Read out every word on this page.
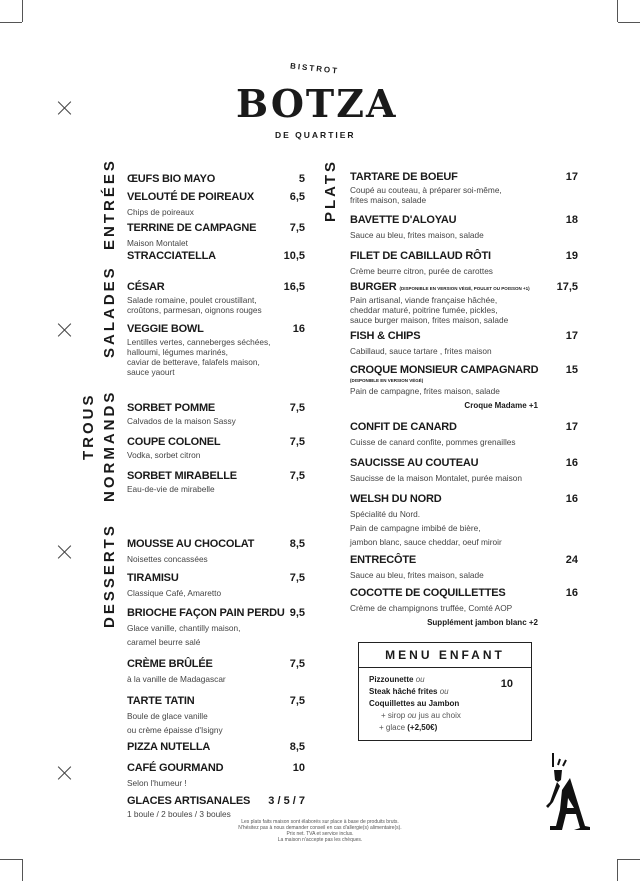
BISTROT
BOTZA
DE QUARTIER
ENTRÉES
SALADES
TROUS NORMANDS
DESSERTS
PLATS
ŒUFS BIO MAYO	5
VELOUTÉ DE POIREAUX	6,5
Chips de poireaux
TERRINE DE CAMPAGNE	7,5
Maison Montalet
STRACCIATELLA	10,5
CÉSAR	16,5
Salade romaine, poulet croustillant,
croûtons, parmesan, oignons rouges
VEGGIE BOWL	16
Lentilles vertes, canneberges séchées,
halloumi, légumes marinés,
caviar de betterave, falafels maison,
sauce yaourt
SORBET POMME	7,5
Calvados de la maison Sassy
COUPE COLONEL	7,5
Vodka, sorbet citron
SORBET MIRABELLE	7,5
Eau-de-vie de mirabelle
MOUSSE AU CHOCOLAT	8,5
Noisettes concassées
TIRAMISU	7,5
Classique Café, Amaretto
BRIOCHE FAÇON PAIN PERDU 9,5
Glace vanille, chantilly maison,
caramel beurre salé
CRÈME BRÛLÉE	7,5
à la vanille de Madagascar
TARTE TATIN	7,5
Boule de glace vanille
ou crème épaisse d'Isigny
PIZZA NUTELLA	8,5
CAFÉ GOURMAND	10
Selon l'humeur !
GLACES ARTISANALES 3 / 5 / 7
1 boule / 2 boules / 3 boules
TARTARE DE BOEUF	17
Coupé au couteau, à préparer soi-même,
frites maison, salade
BAVETTE D'ALOYAU	18
Sauce au bleu, frites maison, salade
FILET DE CABILLAUD RÔTI	19
Crème beurre citron, purée de carottes
BURGER (DISPONIBLE EN VERSION VÉGÉ, POULET OU POISSON +1) 17,5
Pain artisanal, viande française hâchée,
cheddar maturé, poitrine fumée, pickles,
sauce burger maison, frites maison, salade
FISH & CHIPS	17
Cabillaud, sauce tartare , frites maison
CROQUE MONSIEUR CAMPAGNARD 15
(DISPONIBLE EN VERSION VÉGÉ)
Pain de campagne, frites maison, salade
Croque Madame +1
CONFIT DE CANARD	17
Cuisse de canard confite, pommes grenailles
SAUCISSE AU COUTEAU	16
Saucisse de la maison Montalet, purée maison
WELSH DU NORD	16
Spécialité du Nord.
Pain de campagne imbibé de bière,
jambon blanc, sauce cheddar, oeuf miroir
ENTRECÔTE	24
Sauce au bleu, frites maison, salade
COCOTTE DE COQUILLETTES	16
Crème de champignons truffée, Comté AOP
Supplément jambon blanc +2
MENU ENFANT
10
Pizzounette ou
Steak hâché frites ou
Coquillettes au Jambon
+ sirop ou jus au choix
+ glace (+2,50€)
Les plats faits maison sont élaborés sur place à base de produits bruts.
N'hésitez pas à nous demander conseil en cas d'allergie(s) alimentaire(s).
Prix net. TVA et service inclus.
La maison n'accepte pas les chèques.
